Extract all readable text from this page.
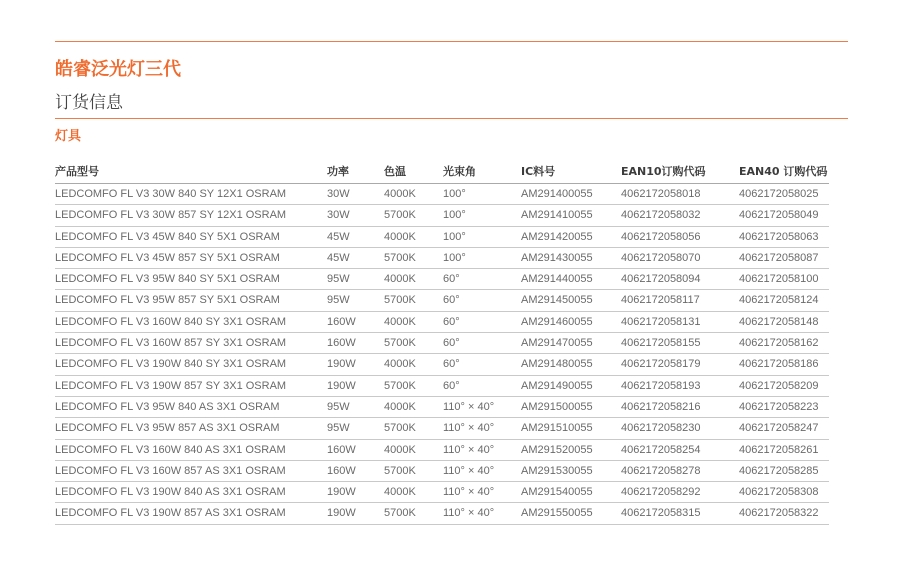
皓睿泛光灯三代
订货信息
灯具
产品型号	功率	色温	光束角	IC料号	EAN10订购代码	EAN40 订购代码
LEDCOMFO FL V3 30W 840 SY 12X1 OSRAM	30W	4000K 100°	AM291400055	4062172058018	4062172058025
LEDCOMFO FL V3 30W 857 SY 12X1 OSRAM	30W	5700K 100°	AM291410055	4062172058032	4062172058049
LEDCOMFO FL V3 45W 840 SY 5X1 OSRAM	45W	4000K 100°	AM291420055	4062172058056	4062172058063
LEDCOMFO FL V3 45W 857 SY 5X1 OSRAM	45W	5700K 100°	AM291430055	4062172058070	4062172058087
LEDCOMFO FL V3 95W 840 SY 5X1 OSRAM	95W	4000K 60°	AM291440055	4062172058094	4062172058100
LEDCOMFO FL V3 95W 857 SY 5X1 OSRAM	95W	5700K 60°	AM291450055	4062172058117	4062172058124
LEDCOMFO FL V3 160W 840 SY 3X1 OSRAM	160W	4000K 60°	AM291460055	4062172058131	4062172058148
LEDCOMFO FL V3 160W 857 SY 3X1 OSRAM	160W	5700K 60°	AM291470055	4062172058155	4062172058162
LEDCOMFO FL V3 190W 840 SY 3X1 OSRAM	190W	4000K 60°	AM291480055	4062172058179	4062172058186
LEDCOMFO FL V3 190W 857 SY 3X1 OSRAM	190W	5700K 60°	AM291490055	4062172058193	4062172058209
LEDCOMFO FL V3 95W 840 AS 3X1 OSRAM	95W	4000K 110° × 40° AM291500055	4062172058216	4062172058223
LEDCOMFO FL V3 95W 857 AS 3X1 OSRAM	95W	5700K 110° × 40° AM291510055	4062172058230	4062172058247
LEDCOMFO FL V3 160W 840 AS 3X1 OSRAM	160W	4000K 110° × 40° AM291520055	4062172058254	4062172058261
LEDCOMFO FL V3 160W 857 AS 3X1 OSRAM	160W	5700K 110° × 40° AM291530055	4062172058278	4062172058285
LEDCOMFO FL V3 190W 840 AS 3X1 OSRAM	190W	4000K 110° × 40° AM291540055	4062172058292	4062172058308
LEDCOMFO FL V3 190W 857 AS 3X1 OSRAM	190W	5700K 110° × 40° AM291550055	4062172058315	4062172058322
